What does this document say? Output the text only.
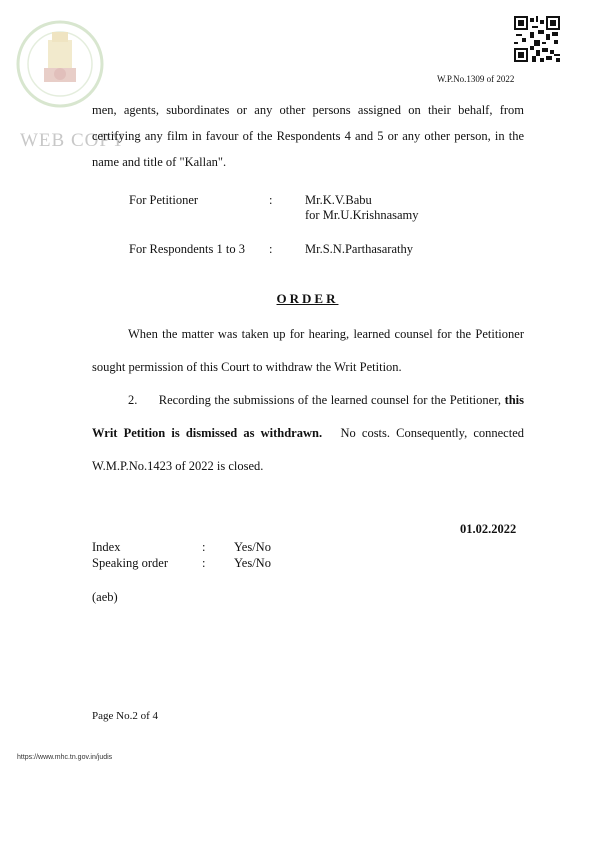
WEB COPY
W.P.No.1309 of 2022

men, agents, subordinates or any other persons assigned on their behalf, from certifying any film in favour of the Respondents 4 and 5 or any other person, in the name and title of "Kallan".

For Petitioner	:	Mr.K.V.Babu
for Mr.U.Krishnasamy
For Respondents 1 to 3 :	Mr.S.N.Parthasarathy
ORDER

When the matter was taken up for hearing, learned counsel for the Petitioner sought permission of this Court to withdraw the Writ Petition.

2. Recording the submissions of the learned counsel for the Petitioner, this Writ Petition is dismissed as withdrawn. No costs. Consequently, connected W.M.P.No.1423 of 2022 is closed.

01.02.2022
Index	: Yes/No
Speaking order	: Yes/No
(aeb)
Page No.2 of 4
https://www.mhc.tn.gov.in/judis
